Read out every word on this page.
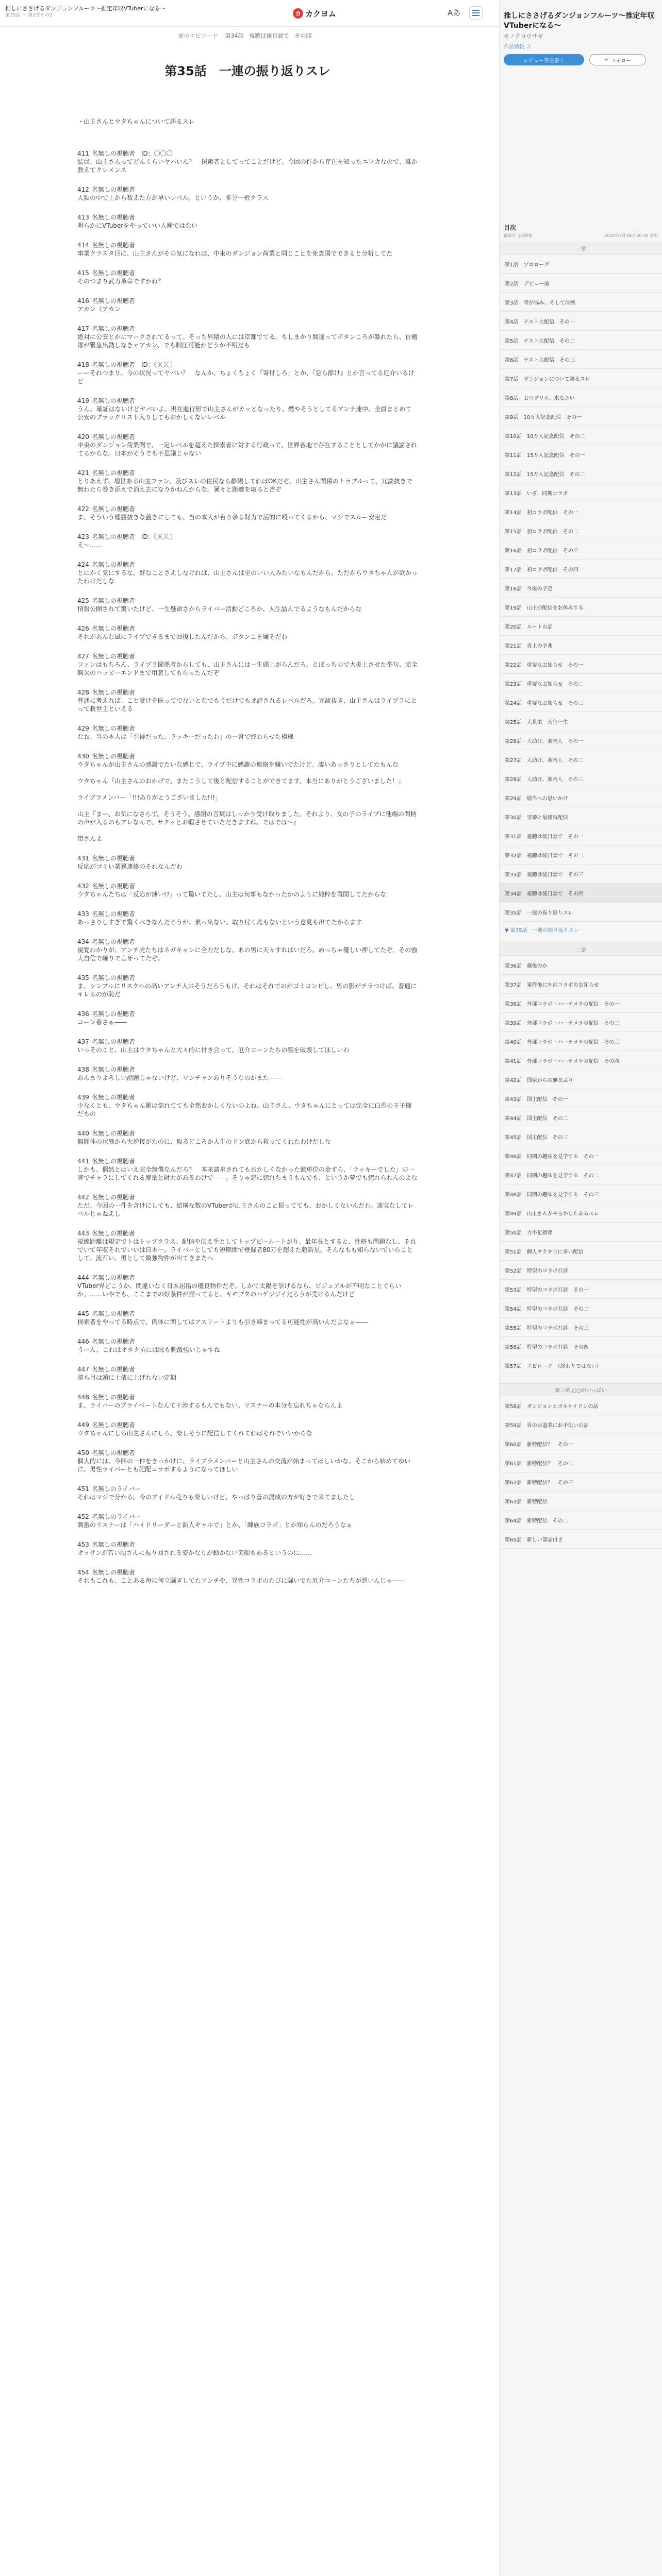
推しにささげるダンジョンフルーツ～推定年収VTuberになる～
第35話 ～ 第2章その2	カ カクヨム	Aあ
前のエピソード 第34話　視聴は後日談で　その四
第35話　一連の振り返りスレ
・山主さんとウタちゃんについて語るスレ
411 名無しの視聴者 ID：〇〇〇

結局、山主さんってどんくらいヤバいん？　探索者としてってことだけど。今回の件から存在を知ったニワカなので、誰か教えてクレメンス

412 名無しの視聴者

人類の中で上から数えた方が早いレベル。というか、多分一桁クラス

413 名無しの視聴者

明らかにVTuberをやっていい人種ではない

414 名無しの視聴者

事業クラスタ目に、山主さんがその気になれば、中東のダンジョン荷業と同じことを免責国でできると分析してた

415 名無しの視聴者

そのつまり武力革命ですかね？

416 名無しの視聴者

アカン（アカン

417 名無しの視聴者

絶対に公安とかにマークされてるって。そっち界隈の人には京都でてる。もしまかり間違ってボタンころが暴れたら、自衛隊が緊急出動しなきゃアカン、でも制圧可能かどうか不明だも

418 名無しの視聴者 ID：〇〇〇

ーーそれつまり、今の状況ってヤバい？　なんか、ちょくちょく『寄付しろ』とか、『怠ら節け』とか言ってる厄介いるけど

419 名無しの視聴者

うん。確証はないけどヤバいよ。現在進行形で山主さんがカッとなったり、燃やそうとしてるアンチ連中、全員まとめて公安のブラックリスト入りしてもおかしくないレベル

420 名無しの視聴者

中東のダンジョン荷業例で、一定レベルを超えた探索者に対する行政って、世界各地で存在することとしてかかに議論されてるからな。日本がそうでも不思議じゃない

421 名無しの視聴者

とりあえず、増世ある山主ファン、及びスレの住民なら静観してればOKだぞ。山主さん関係のトラブルって、冗談抜きで無わたら巻き添えで消え去になりかねんからな。暑々と距離を取ると吉ぞ

422 名無しの視聴者

ま、そういう理屈抜きな蓋きにしても、当の本人が有り余る財力で活的に殴ってくるから、マジでスルー安定だ

423 名無しの視聴者 ID：〇〇〇

え～……

424 名無しの視聴者

とにかく気にするな。好なことさえしなければ、山主さんは至のいい人みたいなもんだから。ただからウタちゃんが欲かったわけだしな

425 名無しの視聴者

情報公開されて驚いたけど、一生懸命さからライバー活動どころか、人生詰んでるようなもんだからな

426 名無しの視聴者

それがあんな風にライブできるまで回復したんだから、ボタンこを嫌そだわ

427 名無しの視聴者

ファンはもちろん、ライブラ関係者からしても、山主さんには一生頭上がらんだろ。とぼっちので大炎上させた挙句、完全無欠のハッピーエンドまで用意してもらったんだぞ

428 名無しの視聴者

普通に考えれば、こと受けを既ってでないとなでもうだけでもオ評されるレベルだろ。冗談抜き、山主さんはライブラにとって救世主といえる

429 名無しの視聴者

なお、当の本人は「引得だった。ラッキーだったわ」の一言で終わらせた模様

430 名無しの視聴者

ウタちゃんが山主さんの感謝でたいな感じで、ライブ中に感謝の連絡を嫌いでたけど、凄いあっさりとしてたもんな

ウタちゃん『山主さんのおかげで、またこうして後と配信することができてます。本当にありがとうございました！』

ライブラメンバー「!!!ありがとうございました!!!」

山主『まー、お気になさらず。そうそう、感謝の言葉はしっかり受け取りました。それより、女の子のライブに他端の間柄の声が入るのもアレなんで、サクッとお暇させていただきますね。ではでは～』

帯さんよ

431 名無しの視聴者

反応がゴミい業務連絡のそれなんだわ

432 名無しの視聴者

ウタちゃんたちは「反応が薄い!?」って驚いてたし、山主は何事もなかったかのように純粋を再開してたからな

433 名無しの視聴者

あっさりしすぎで驚くべきなんだろうが、素っ気ない。取り付く島もないという意見も出てたからます

434 名無しの視聴者

視覚わかりが、アンチ虎たちはネガキャンに全力だしな。あの男に天々すれはいだろ。めっちゃ優しい押してたぞ。その強大自信で確りで言牙ってたぞ。

435 名無しの視聴者

ま、シンプルにリスクへの高いアンチ人共そうだろうもけ、それはそれでのがゴミコンビし、男の影がチラつけば、普通にキレるのが恥だ

436 名無しの視聴者

コーン着さぁ――

437 名無しの視聴者

いっそのこと、山主はウタちゃんと大々的に付き合って、厄介コーンたちの脳を破壊してほしいわ

438 名無しの視聴者

あんまりよろしい話題じゃないけど、ワンチャンありそうなのがまた――

439 名無しの視聴者

少なくとも、ウタちゃん側は惚れてても全然おかしくないのよね。山主さん、ウタちゃんにとっては完全に白馬の王子様だもの

440 名無しの視聴者

無闇体の状態から大逆接がたのに、取るどころか人生のドン底から救ってくれたわけだしな

441 名無しの視聴者

しかも、偶然とはいえ完全無償なんだろ？　本来請求されてもおかしくなかった億単位の金すら、「ラッキーでした」の一言でチャラにしてくれる度量と財力があるわけで――。そりゃ恋に惚れちまうもんでも、というか夢でも惚れられんのよな

442 名無しの視聴者

ただ、今回の一件を含けにしても、結構な数のVTuberが山主さんのこと狙ってても、おかしくないんだわ。遠宝なしてレベルじゃねえし

443 名無しの視聴者

視線距離は規定でトはトップクラス、配信や伝え手としてトップビームートがり、最年長とすると、性格も問題なし、それでいて年収それでいいは日本一。ライバーとしても短期間で登録者80万を超えた超新星。そんなもも知らないでいらことして、流石い、男として最強物件が出てきまたへ

444 名無しの視聴者

VTuber界どこうか、間違いなく日本屈指の優良物件だぞ。しかて太陽を挙げるなら、ビジュアルが不明なことぐらいか。……いやでも、ここまでの好条件が揃ってると、キモブタのハゲジジイだろうが受けるんだけど

445 名無しの視聴者

探索者をやってる時点で、肉体に関してはアスリートよりも引き締まってる可能性が高いんだよなぁ――

446 名無しの視聴者

うーん、これはオタク抗には眩も刺激強いじゃすね

447 名無しの視聴者

勝ち目は頭に土俵に上げれない定期

448 名無しの視聴者

ま、ライバーのプライベートなんて干渉するもんでもない。リスナーの本分を忘れちゃならんよ

449 名無しの視聴者

ウタちゃんにしろ山主さんにしろ、楽しそうに配信してくれてればそれでいいからな

450 名無しの視聴者

個人的には、今回の一件をきっかけに、ライブラメンバーと山主さんの交流が始まってほしいかな。そこから始めてゆいに、男性ライバーとも記配コラボするようになってほしい

451 名無しのライバー

それはマジで分かる。今のアイドル売りも楽しいけど、やっぱり昔の混成の方が好きで来てましたし

452 名無しのライバー

刺激のリスナーは「ハイドリーダーと新人ギャルで」とか、「練族コラボ」とか知らんのだろうなぁ

453 名無しの視聴者

オッサンが若い頃さんに振り回される姿かなりが動かない笑顔もあるというのに……

454 名無しの視聴者

それもこれも、ことある毎に何立騒ぎしてたアンチや、異性コラボのたびに騒いでた厄介コーンたちが悪いんじゃ――

推しにささげるダンジョンフルーツ～推定年収VTuberになる～
モノクロウサギ
作品情報 ３
レビュー等を書く	+ フォロー
目次
最新作 全1回数	2024年7月18日 20:35 更新
一章
第1話　プロローグ
第2話　デビュー前
第3話　時が悩み、そして決断
第4話　テスト大配信　その一
第5話　テスト大配信　その二
第6話　テスト大配信　その三
第7話　ダンジョンについて語るスレ
第8話　おつグリル、来なさい
第9話　10万人記念配信　その一
第10話　10万人記念配信　その二
第11話　15万人記念配信　その一
第12話　15万人記念配信　その二
第13話　いざ、同期コラボ
第14話　初コラボ配信　その一
第15話　初コラボ配信　その二
第16話　初コラボ配信　その三
第17話　初コラボ配信　その四
第18話　今後の予定
第19話　山主が配信をお休みする
第20話　ルートの話
第21話　炎上の予兆
第22話　重要なお知らせ　その一
第23話　重要なお知らせ　その二
第24話　重要なお知らせ　その三
第25話　大見栄　天狗一生
第26話　人助け、案内人　その一
第27話　人助け、案内人　その二
第28話　人助け、案内人　その三
第29話　穏当への思いかけ
第30話　雪姫と最後戦配信
第31話　視聴は後日談で　その一
第32話　視聴は後日談で　その二
第33話　視聴は後日談で　その三
第34話　視聴は後日談で　その四
第35話　一連の振り返りスレ
▼ 第35話　一連の振り返りスレ
二章
第36話　蔵後のか
第37話　案件後に外部コラボのお知らせ
第38話　外部コラボ・ハーテメラの配信　その一
第39話　外部コラボ・ハーテメラの配信　その二
第40話　外部コラボ・ハーテメラの配信　その三
第41話　外部コラボ・ハーテメラの配信　その四
第42話　国家からの無茶ぶり
第43話　国主配信　その一
第44話　国主配信　その二
第45話　国主配信　その三
第46話　同期の趣味を見学する　その一
第47話　同期の趣味を見学する　その二
第48話　同期の趣味を見学する　その三
第49話　山主さんがやらかしたあるスレ
第50話　力不足指導
第51話　個人ヤクタ主に多い配信
第52話　特望のコラボ打診
第53話　特望のコラボ打診　その一
第54話　特望のコラボ打診　その二
第55話　特望のコラボ打診　その三
第56話　特望のコラボ打診　その四
第57話　エピローグ　（終わりではない）
第三章 ○○がいっぱい
第58話　ダンジョンとボルケイドンの話
第59話　昇のお遊業にお手伝いの話
第60話　新特配信？　その一
第61話　新特配信？　その二
第62話　新特配信？　その三
第63話　新特配信
第64話　新特配信　その二
第65話　新しい部品付き
